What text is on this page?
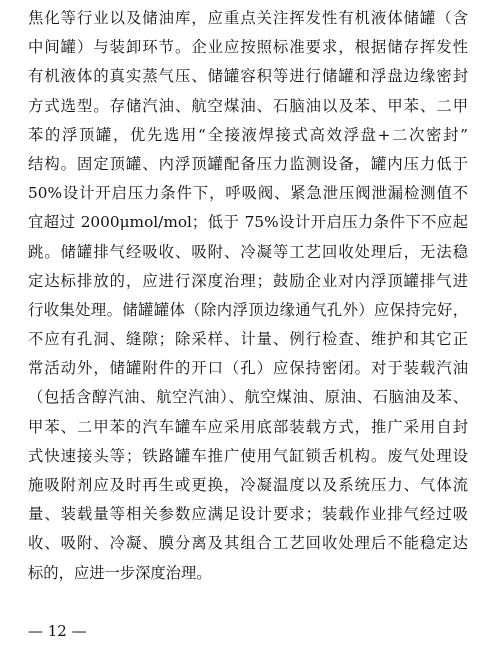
焦化等行业以及储油库，应重点关注挥发性有机液体储罐（含
中间罐）与装卸环节。企业应按照标准要求，根据储存挥发性
有机液体的真实蒸气压、储罐容积等进行储罐和浮盘边缘密封
方式选型。存储汽油、航空煤油、石脑油以及苯、甲苯、二甲
苯的浮顶罐，优先选用“全接液焊接式高效浮盘+二次密封”
结构。固定顶罐、内浮顶罐配备压力监测设备，罐内压力低于
50%设计开启压力条件下，呼吸阀、紧急泄压阀泄漏检测值不
宜超过 2000μmol/mol；低于 75%设计开启压力条件下不应起
跳。储罐排气经吸收、吸附、冷凝等工艺回收处理后，无法稳
定达标排放的，应进行深度治理；鼓励企业对内浮顶罐排气进
行收集处理。储罐罐体（除内浮顶边缘通气孔外）应保持完好，
不应有孔洞、缝隙；除采样、计量、例行检查、维护和其它正
常活动外，储罐附件的开口（孔）应保持密闭。对于装载汽油
（包括含醇汽油、航空汽油）、航空煤油、原油、石脑油及苯、
甲苯、二甲苯的汽车罐车应采用底部装载方式，推广采用自封
式快速接头等；铁路罐车推广使用气缸锁舌机构。废气处理设
施吸附剂应及时再生或更换，冷凝温度以及系统压力、气体流
量、装载量等相关参数应满足设计要求；装载作业排气经过吸
收、吸附、冷凝、膜分离及其组合工艺回收处理后不能稳定达
标的，应进一步深度治理。
— 12 —
